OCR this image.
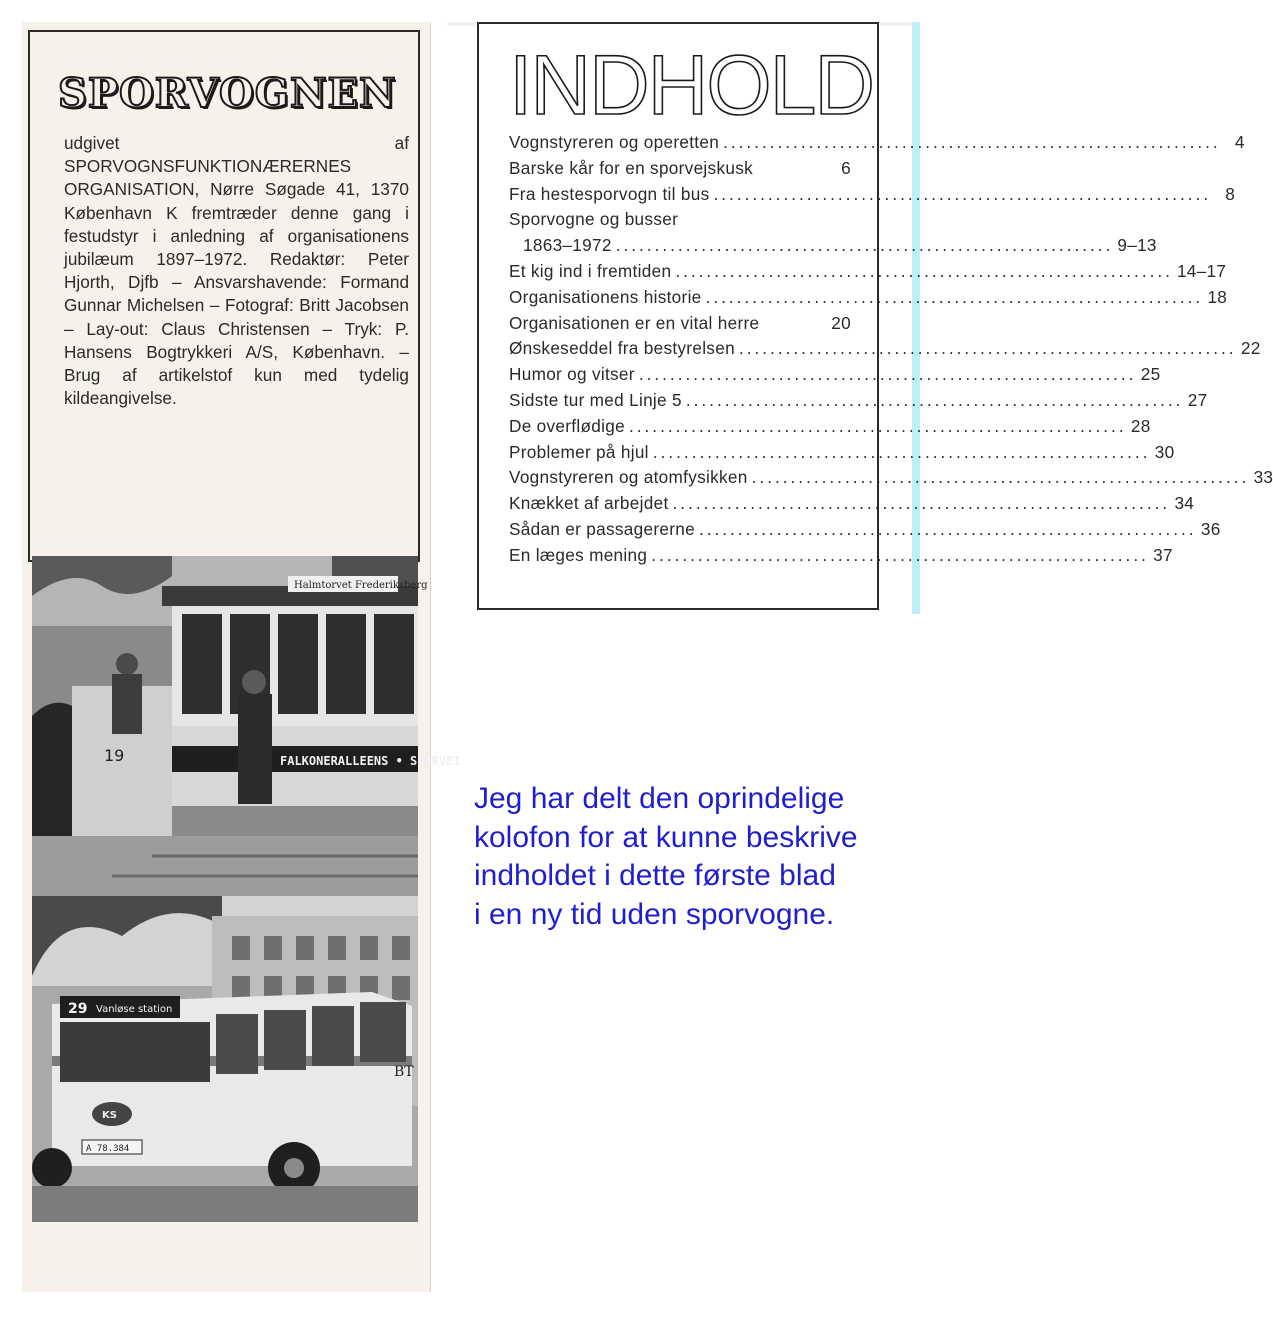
SPORVOGNEN

udgivet af SPORVOGNSFUNKTIONÆRERNES ORGANISATION, Nørre Søgade 41, 1370 København K fremtræder denne gang i festudstyr i anledning af organisationens jubilæum 1897–1972. Redaktør: Peter Hjorth, Djfb – Ansvarshavende: Formand Gunnar Michelsen – Fotograf: Britt Jacobsen – Lay-out: Claus Christensen – Tryk: P. Hansens Bogtrykkeri A/S, København. – Brug af artikelstof kun med tydelig kildeangivelse.

FALKONERALLEENS • SPORVEI
Halmtorvet Frederiksberg
19
29 Vanløse station
KS
A 78.384
BT
INDHOLD
Vognstyreren og operetten .....	4
Barske kår for en sporvejskusk	6
Fra hestesporvogn til bus .....	8
Sporvogne og busser
1863–1972 .....	9–13
Et kig ind i fremtiden .....	14–17
Organisationens historie .....	18
Organisationen er en vital herre	20
Ønskeseddel fra bestyrelsen .....	22
Humor og vitser .....	25
Sidste tur med Linje 5 .....	27
De overflødige .....	28
Problemer på hjul .....	30
Vognstyreren og atomfysikken .....	33
Knækket af arbejdet .....	34
Sådan er passagererne .....	36
En læges mening .....	37
Jeg har delt den oprindelige
kolofon for at kunne beskrive
indholdet i dette første blad
i en ny tid uden sporvogne.
